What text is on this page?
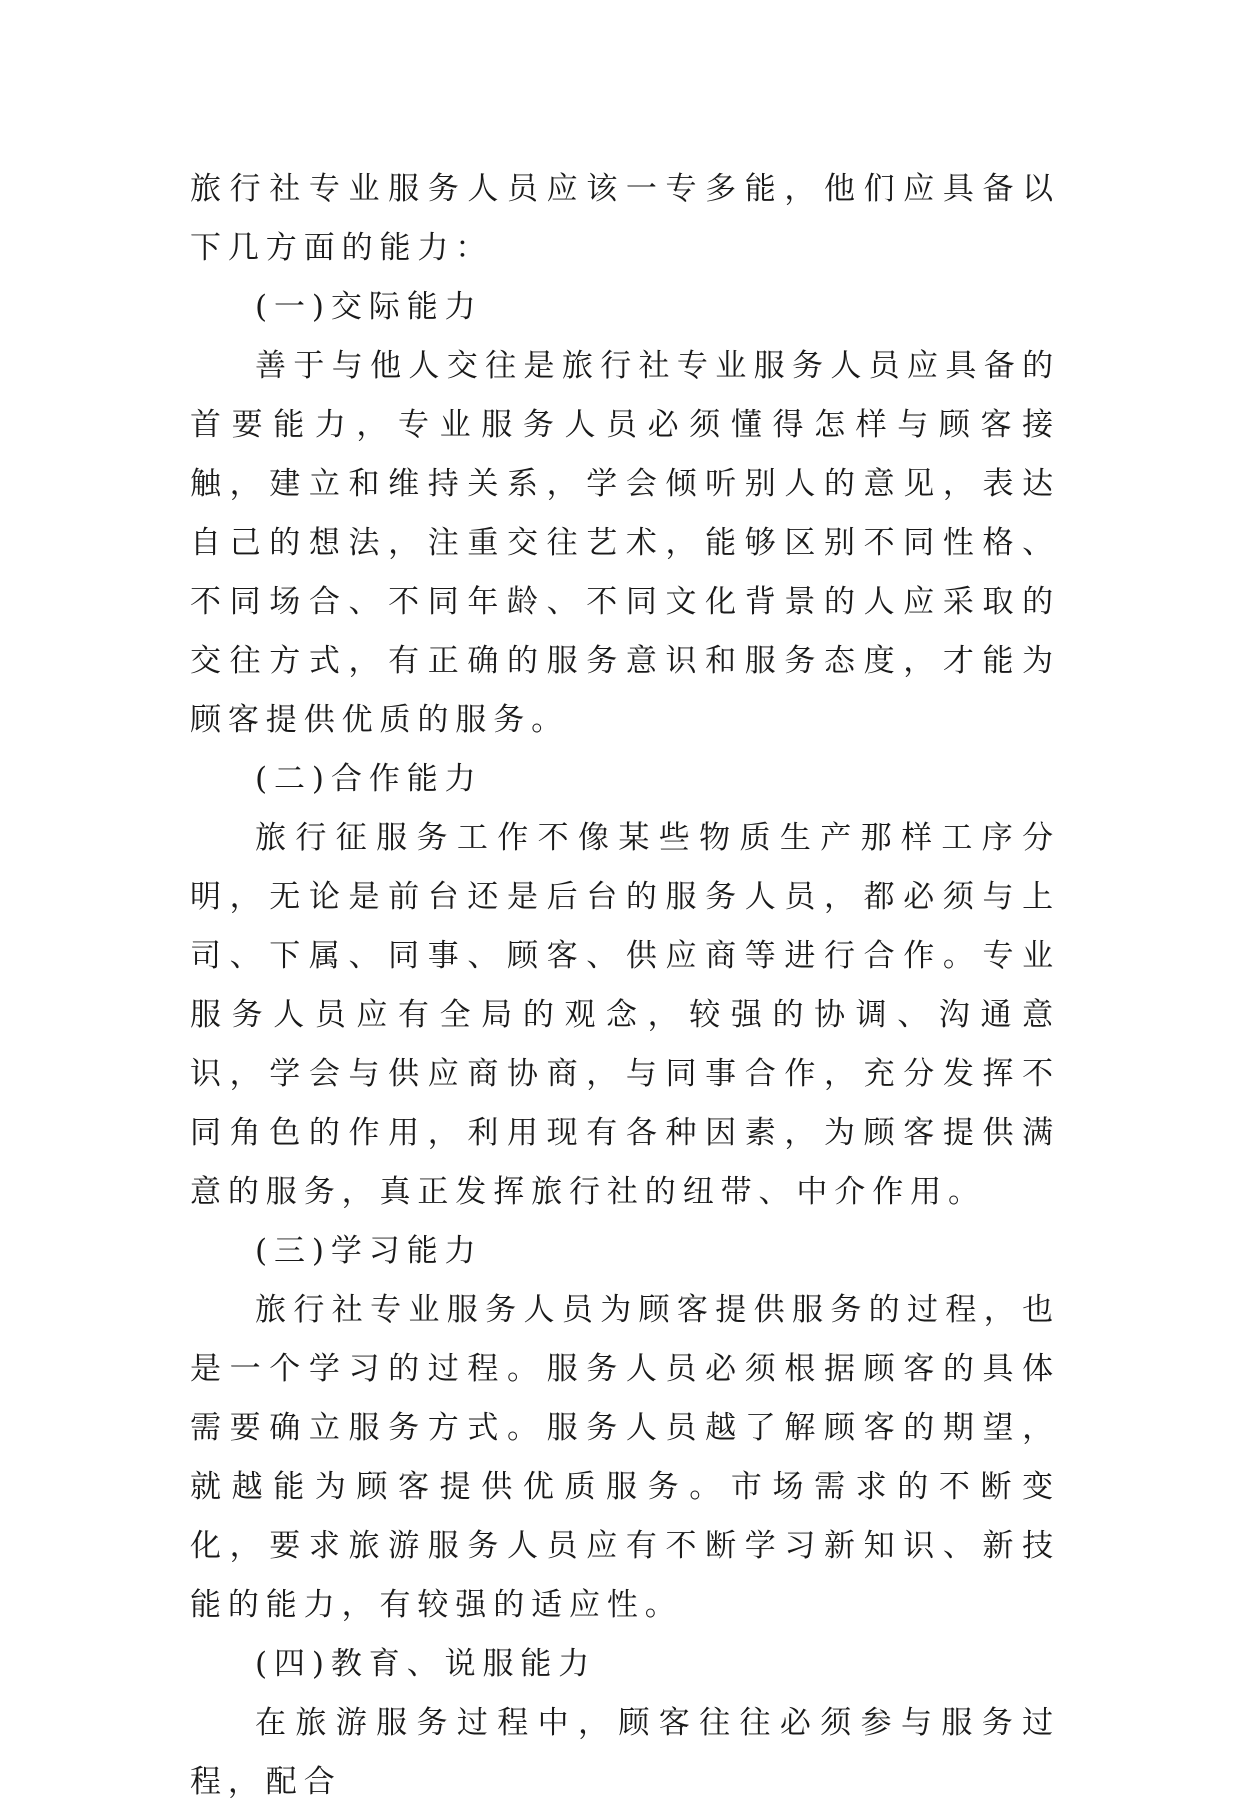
旅行社专业服务人员应该一专多能，他们应具备以下几方面的能力：

(一)交际能力

善于与他人交往是旅行社专业服务人员应具备的首要能力，专业服务人员必须懂得怎样与顾客接触，建立和维持关系，学会倾听别人的意见，表达自己的想法，注重交往艺术，能够区别不同性格、不同场合、不同年龄、不同文化背景的人应采取的交往方式，有正确的服务意识和服务态度，才能为顾客提供优质的服务。

(二)合作能力

旅行征服务工作不像某些物质生产那样工序分明，无论是前台还是后台的服务人员，都必须与上司、下属、同事、顾客、供应商等进行合作。专业服务人员应有全局的观念，较强的协调、沟通意识，学会与供应商协商，与同事合作，充分发挥不同角色的作用，利用现有各种因素，为顾客提供满意的服务，真正发挥旅行社的纽带、中介作用。

(三)学习能力

旅行社专业服务人员为顾客提供服务的过程，也是一个学习的过程。服务人员必须根据顾客的具体需要确立服务方式。服务人员越了解顾客的期望，就越能为顾客提供优质服务。市场需求的不断变化，要求旅游服务人员应有不断学习新知识、新技能的能力，有较强的适应性。

(四)教育、说服能力

在旅游服务过程中，顾客往往必须参与服务过程，配合
